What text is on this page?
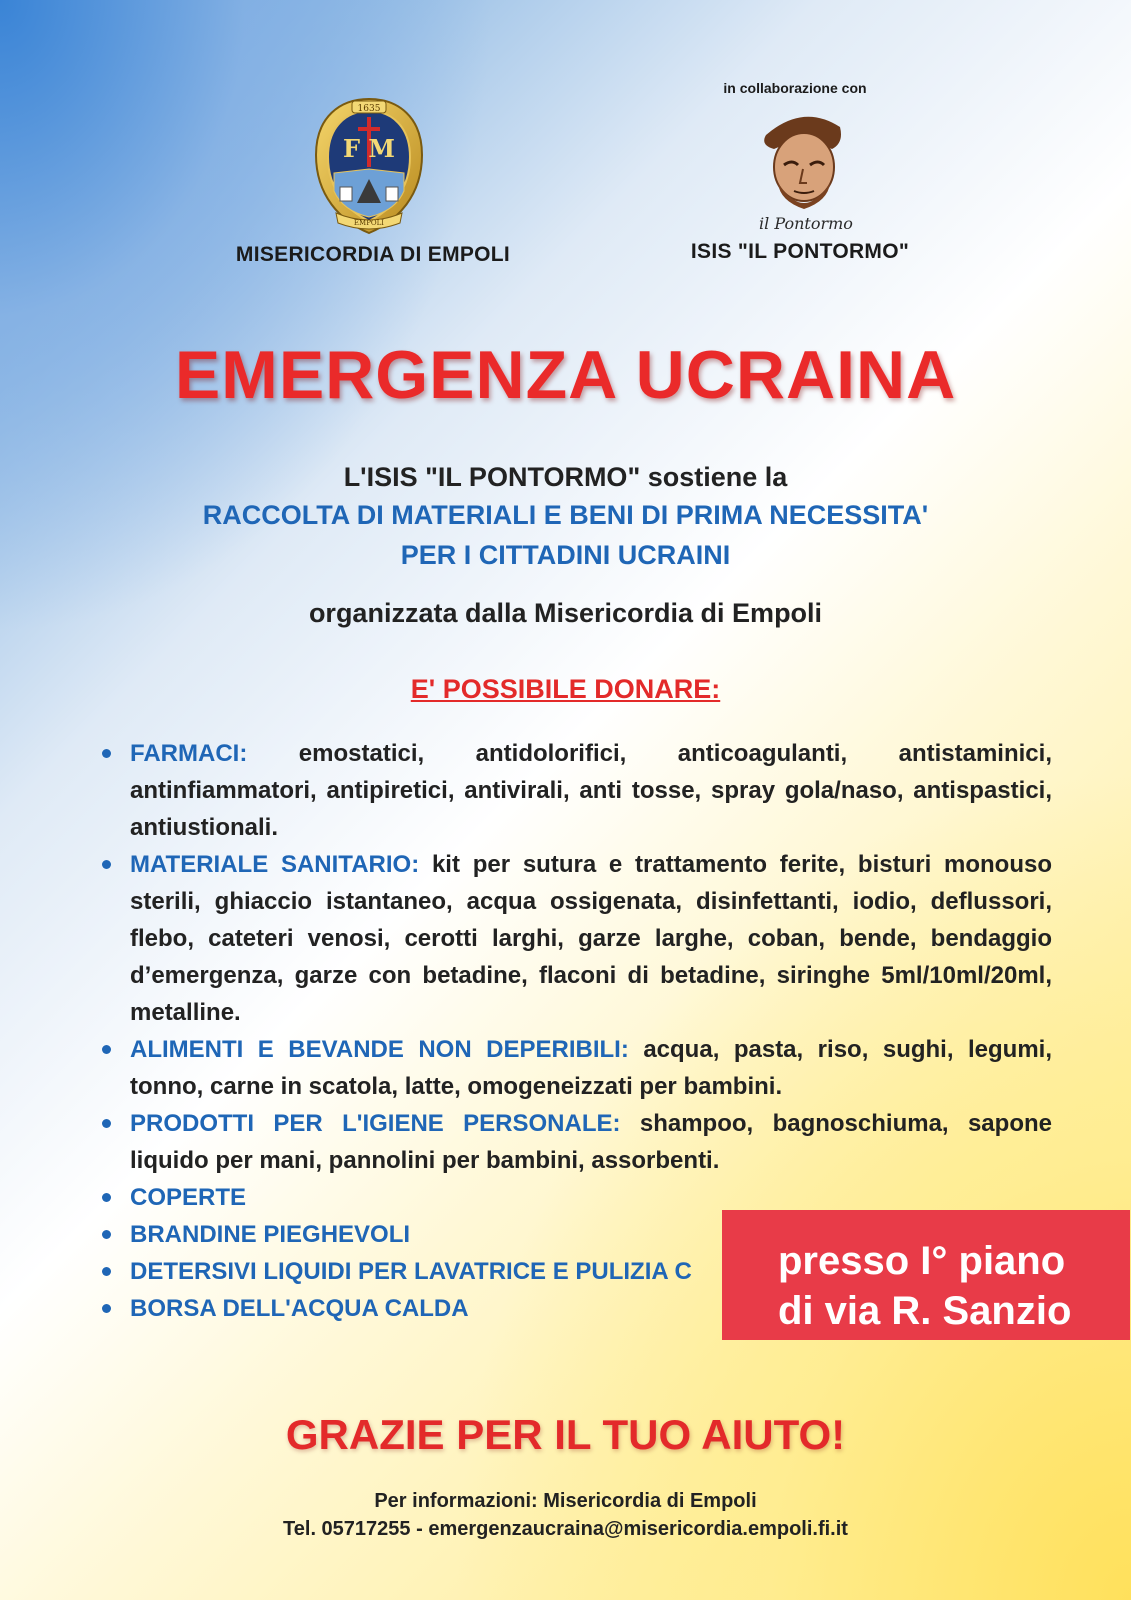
1635
F M
EMPOLI
MISERICORDIA DI EMPOLI
in collaborazione con
il Pontormo
ISIS "IL PONTORMO"
EMERGENZA UCRAINA
L'ISIS "IL PONTORMO" sostiene la
RACCOLTA DI MATERIALI E BENI DI PRIMA NECESSITA'
PER I CITTADINI UCRAINI
organizzata dalla Misericordia di Empoli
E' POSSIBILE DONARE:
FARMACI: emostatici, antidolorifici, anticoagulanti, antistaminici, antinfiammatori, antipiretici, antivirali, anti tosse, spray gola/naso, antispastici, antiustionali.
MATERIALE SANITARIO: kit per sutura e trattamento ferite, bisturi monouso sterili, ghiaccio istantaneo, acqua ossigenata, disinfettanti, iodio, deflussori, flebo, cateteri venosi, cerotti larghi, garze larghe, coban, bende, bendaggio d’emergenza, garze con betadine, flaconi di betadine, siringhe 5ml/10ml/20ml, metalline.
ALIMENTI E BEVANDE NON DEPERIBILI: acqua, pasta, riso, sughi, legumi, tonno, carne in scatola, latte, omogeneizzati per bambini.
PRODOTTI PER L'IGIENE PERSONALE: shampoo, bagnoschiuma, sapone liquido per mani, pannolini per bambini, assorbenti.
COPERTE
BRANDINE PIEGHEVOLI
DETERSIVI LIQUIDI PER LAVATRICE E PULIZIA C
BORSA DELL'ACQUA CALDA
presso I° piano
di via R. Sanzio
GRAZIE PER IL TUO AIUTO!
Per informazioni: Misericordia di Empoli
Tel. 05717255 - emergenzaucraina@misericordia.empoli.fi.it
